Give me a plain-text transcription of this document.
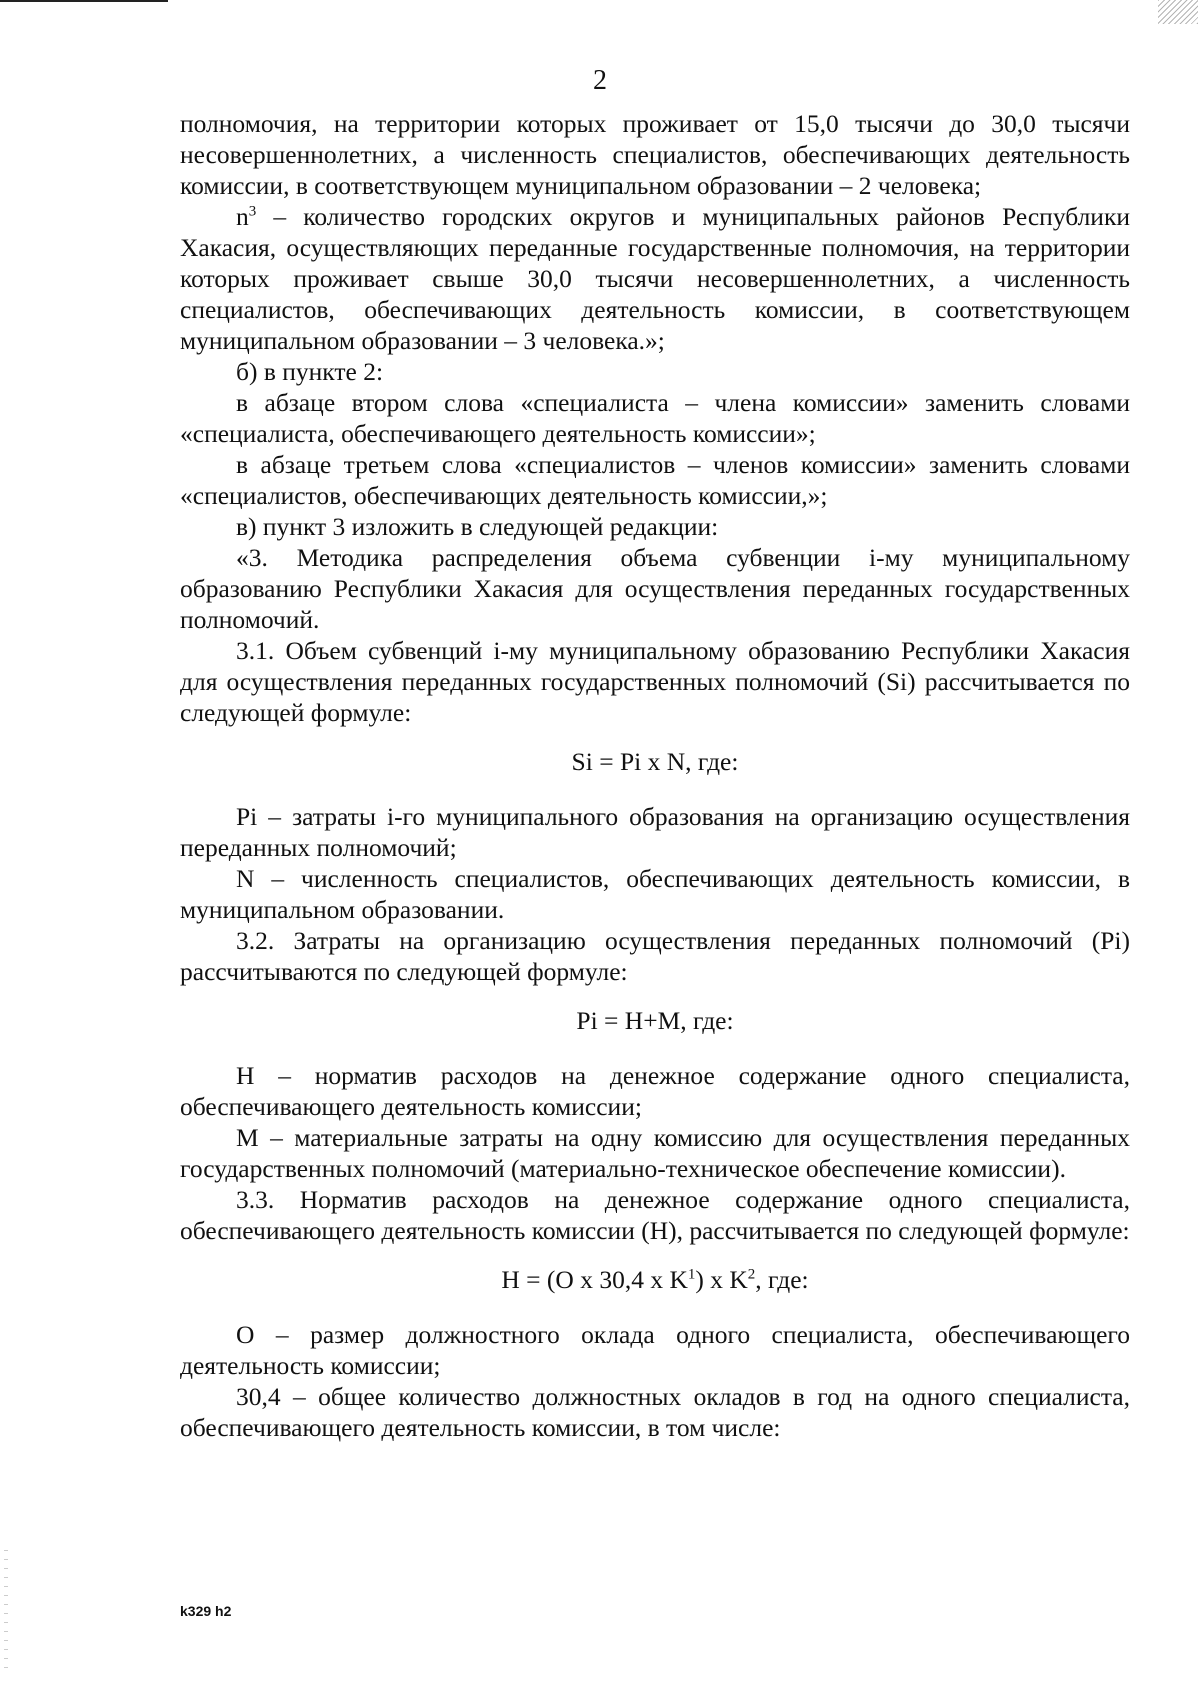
2

полномочия, на территории которых проживает от 15,0 тысячи до 30,0 тысячи несовершеннолетних, а численность специалистов, обеспечивающих деятельность комиссии, в соответствующем муниципальном образовании – 2 человека;

$n^3$ – количество городских округов и муниципальных районов Республики Хакасия, осуществляющих переданные государственные полномочия, на территории которых проживает свыше 30,0 тысячи несовершеннолетних, а численность специалистов, обеспечивающих деятельность комиссии, в соответствующем муниципальном образовании – 3 человека.»;

б) в пункте 2:

в абзаце втором слова «специалиста – члена комиссии» заменить словами «специалиста, обеспечивающего деятельность комиссии»;

в абзаце третьем слова «специалистов – членов комиссии» заменить словами «специалистов, обеспечивающих деятельность комиссии,»;

в) пункт 3 изложить в следующей редакции:

«3. Методика распределения объема субвенции i-му муниципальному образованию Республики Хакасия для осуществления переданных государственных полномочий.

3.1. Объем субвенций i-му муниципальному образованию Республики Хакасия для осуществления переданных государственных полномочий (Si) рассчитывается по следующей формуле:

Si = Pi x N, где:

Pi – затраты i-го муниципального образования на организацию осуществления переданных полномочий;

N – численность специалистов, обеспечивающих деятельность комиссии, в муниципальном образовании.

3.2. Затраты на организацию осуществления переданных полномочий (Pi) рассчитываются по следующей формуле:

Pi = H+M, где:

H – норматив расходов на денежное содержание одного специалиста, обеспечивающего деятельность комиссии;

M – материальные затраты на одну комиссию для осуществления переданных государственных полномочий (материально-техническое обеспечение комиссии).

3.3. Норматив расходов на денежное содержание одного специалиста, обеспечивающего деятельность комиссии (H), рассчитывается по следующей формуле:

H = (O x 30,4 x $K^1$) x $K^2$, где:

O – размер должностного оклада одного специалиста, обеспечивающего деятельность комиссии;

30,4 – общее количество должностных окладов в год на одного специалиста, обеспечивающего деятельность комиссии, в том числе:

k329 h2
